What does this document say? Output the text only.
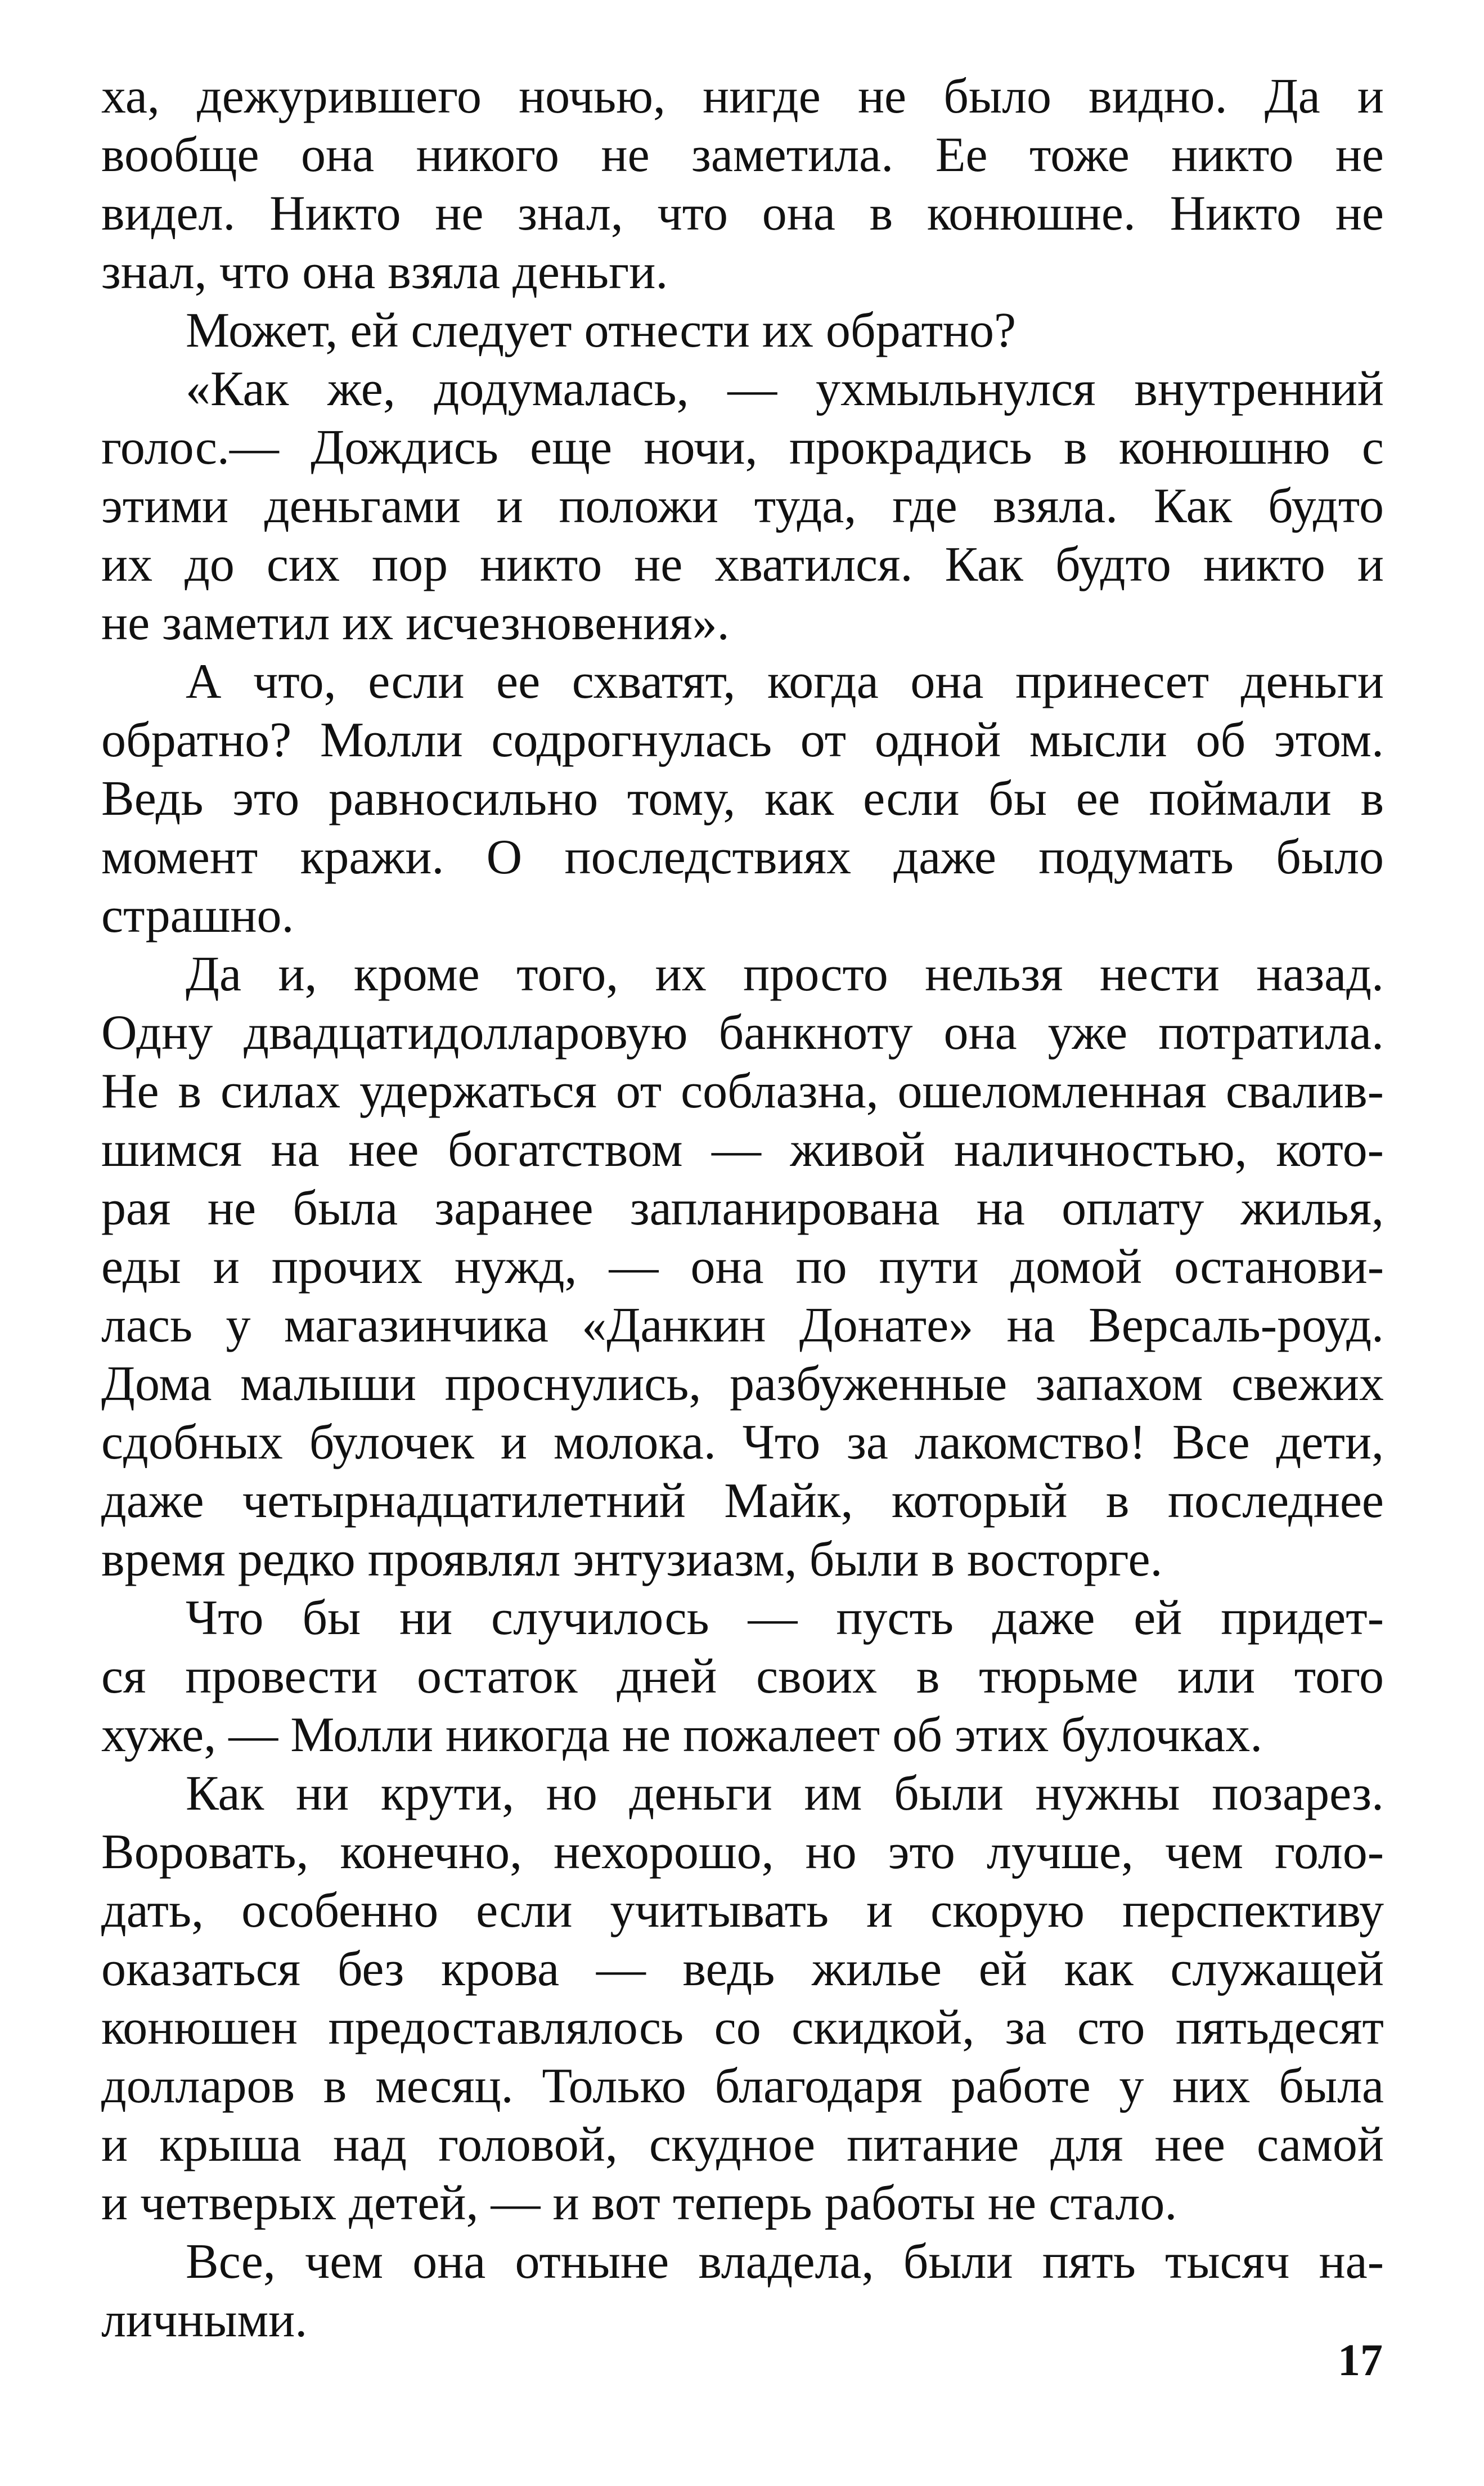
ха, дежурившего ночью, нигде не было видно. Да и
вообще она никого не заметила. Ее тоже никто не
видел. Никто не знал, что она в конюшне. Никто не
знал, что она взяла деньги.
Может, ей следует отнести их обратно?
«Как же, додумалась, — ухмыльнулся внутренний
голос.— Дождись еще ночи, прокрадись в конюшню с
этими деньгами и положи туда, где взяла. Как будто
их до сих пор никто не хватился. Как будто никто и
не заметил их исчезновения».
А что, если ее схватят, когда она принесет деньги
обратно? Молли содрогнулась от одной мысли об этом.
Ведь это равносильно тому, как если бы ее поймали в
момент кражи. О последствиях даже подумать было
страшно.
Да и, кроме того, их просто нельзя нести назад.
Одну двадцатидолларовую банкноту она уже потратила.
Не в силах удержаться от соблазна, ошеломленная свалив-
шимся на нее богатством — живой наличностью, кото-
рая не была заранее запланирована на оплату жилья,
еды и прочих нужд, — она по пути домой останови-
лась у магазинчика «Данкин Донате» на Версаль-роуд.
Дома малыши проснулись, разбуженные запахом свежих
сдобных булочек и молока. Что за лакомство! Все дети,
даже четырнадцатилетний Майк, который в последнее
время редко проявлял энтузиазм, были в восторге.
Что бы ни случилось — пусть даже ей придет-
ся провести остаток дней своих в тюрьме или того
хуже, — Молли никогда не пожалеет об этих булочках.
Как ни крути, но деньги им были нужны позарез.
Воровать, конечно, нехорошо, но это лучше, чем голо-
дать, особенно если учитывать и скорую перспективу
оказаться без крова — ведь жилье ей как служащей
конюшен предоставлялось со скидкой, за сто пятьдесят
долларов в месяц. Только благодаря работе у них была
и крыша над головой, скудное питание для нее самой
и четверых детей, — и вот теперь работы не стало.
Все, чем она отныне владела, были пять тысяч на-
личными.
17
